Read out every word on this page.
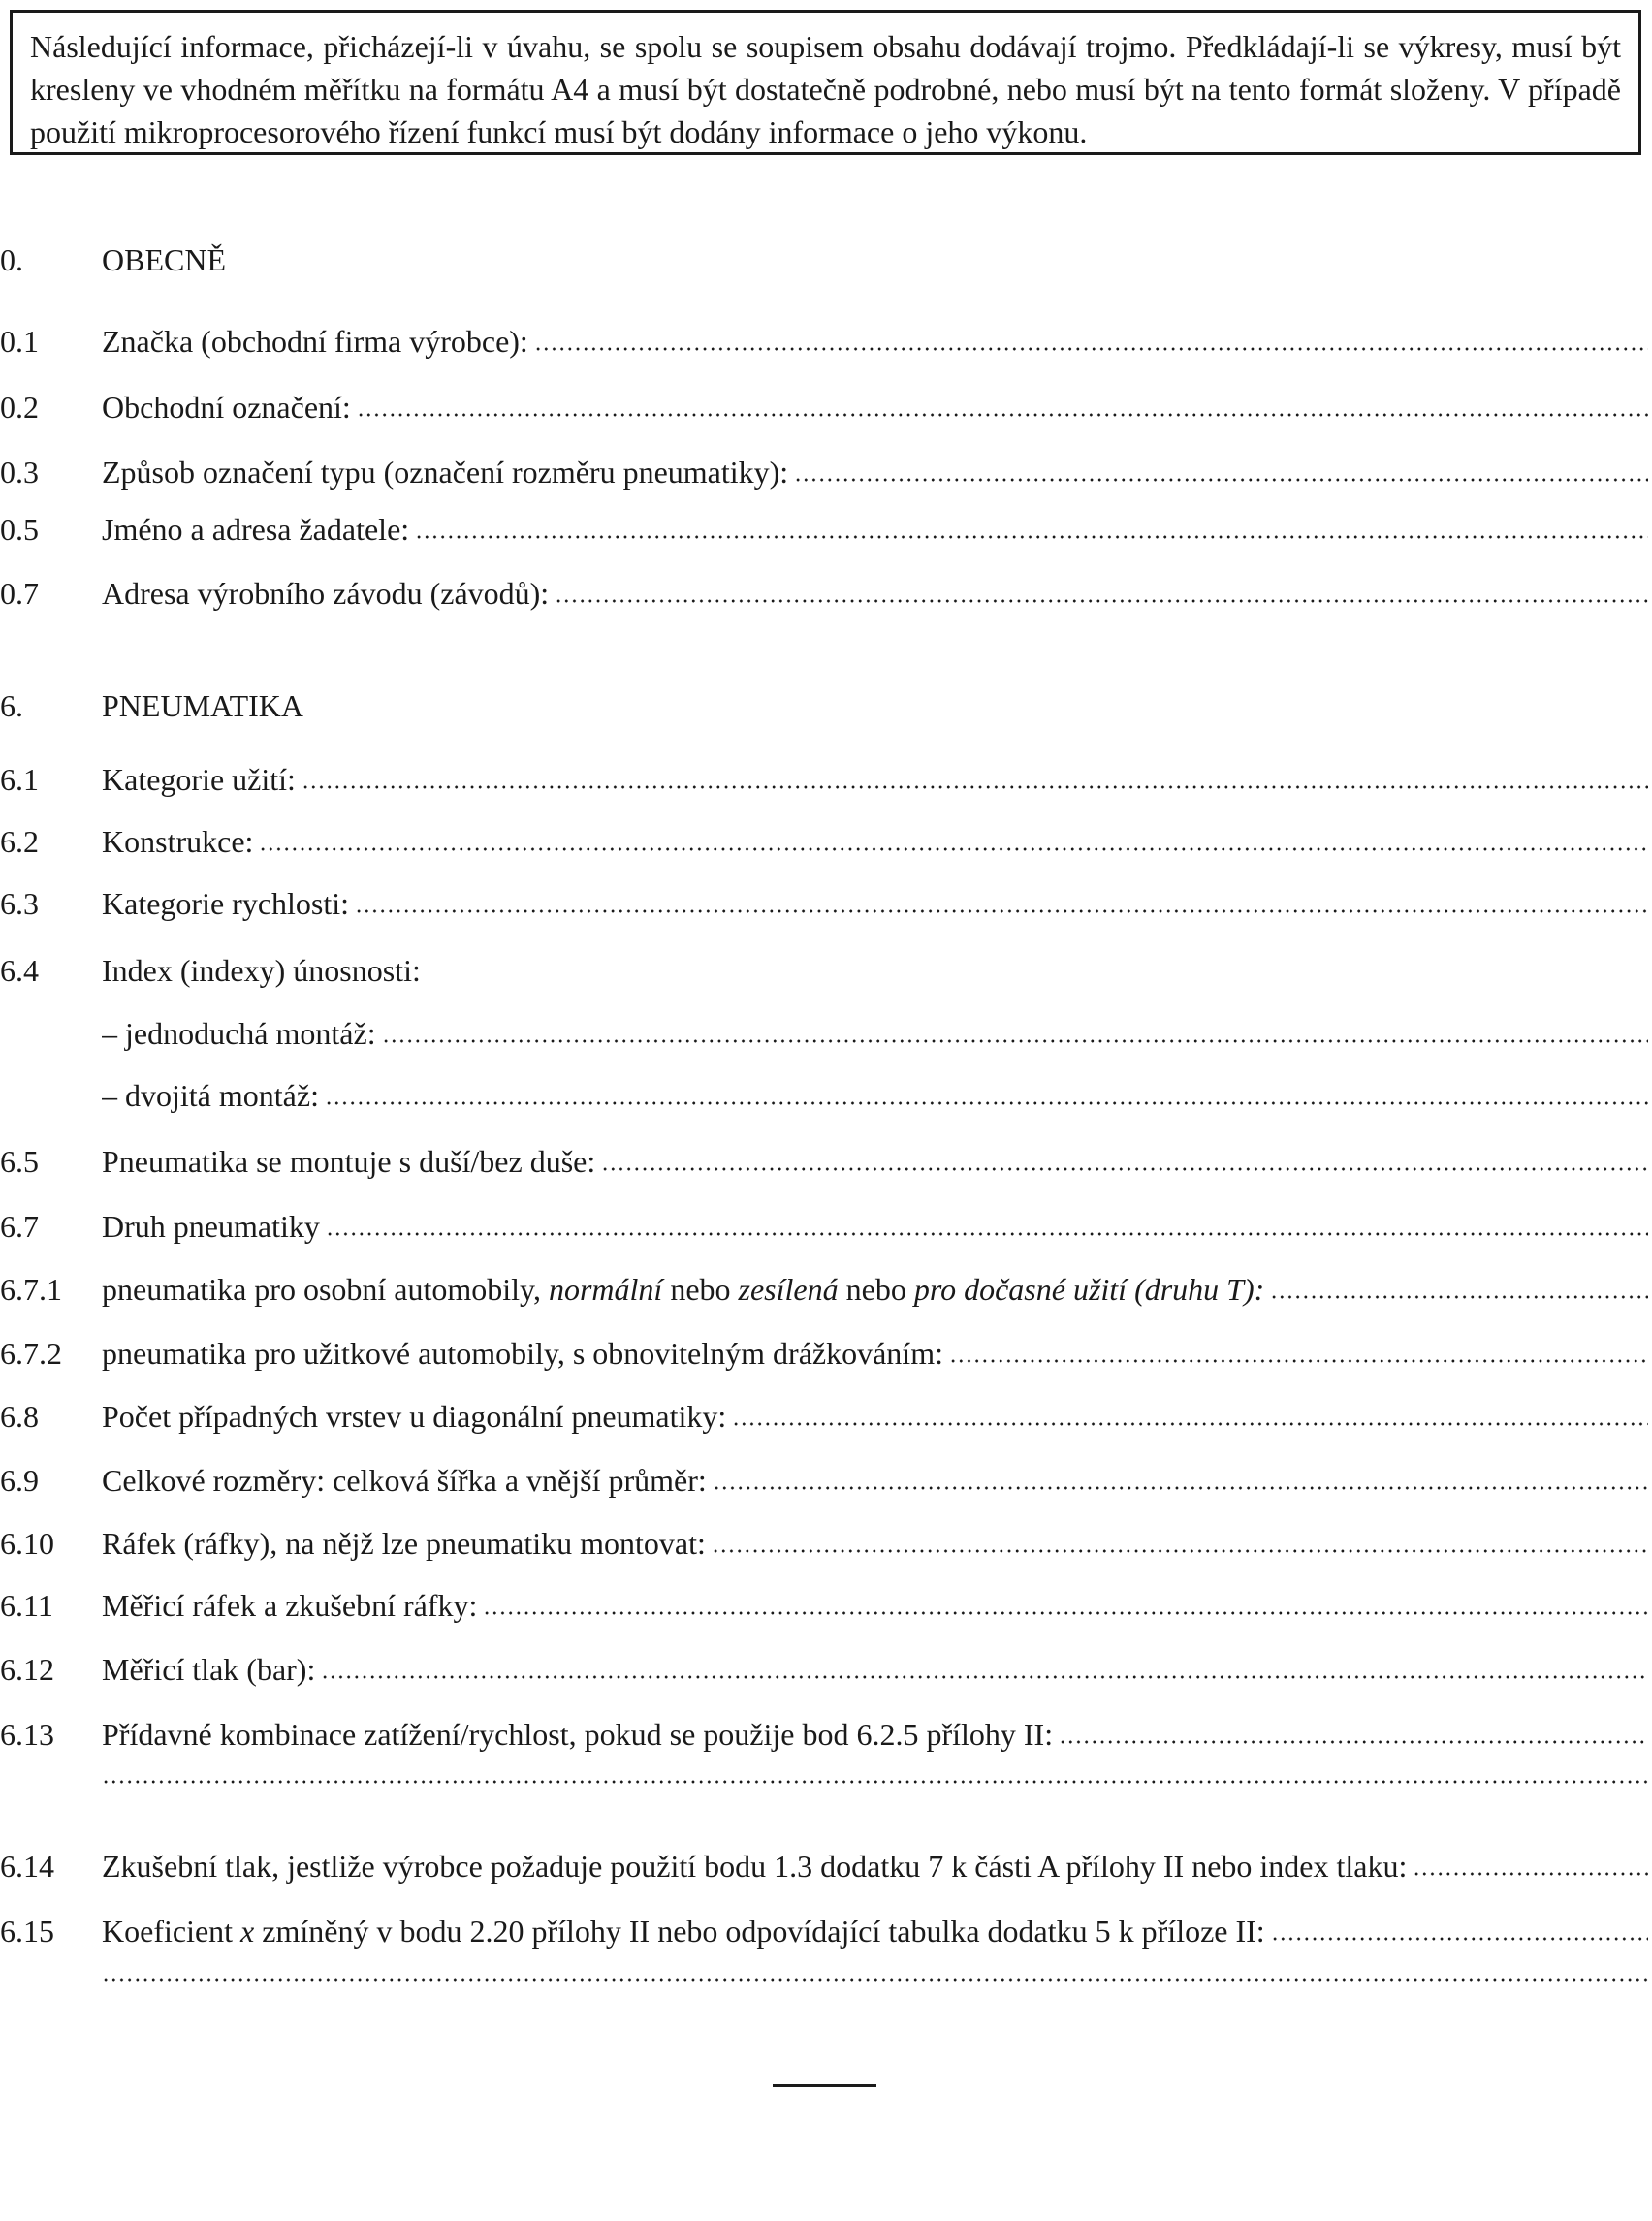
Následující informace, přicházejí-li v úvahu, se spolu se soupisem obsahu dodávají trojmo. Předkládají-li se výkresy, musí být kresleny ve vhodném měřítku na formátu A4 a musí být dostatečně podrobné, nebo musí být na tento formát složeny. V případě použití mikroprocesorového řízení funkcí musí být dodány informace o jeho výkonu.
0.	OBECNĚ
0.1 Značka (obchodní firma výrobce):
0.2 Obchodní označení:
0.3 Způsob označení typu (označení rozměru pneumatiky):
0.5 Jméno a adresa žadatele:
0.7 Adresa výrobního závodu (závodů):
6.	PNEUMATIKA
6.1 Kategorie užití:
6.2 Konstrukce:
6.3 Kategorie rychlosti:
6.4 Index (indexy) únosnosti:
– jednoduchá montáž:
– dvojitá montáž:
6.5 Pneumatika se montuje s duší/bez duše:
6.7 Druh pneumatiky
6.7.1 pneumatika pro osobní automobily, normální nebo zesílená nebo pro dočasné užití (druhu T):
6.7.2 pneumatika pro užitkové automobily, s obnovitelným drážkováním:
6.8 Počet případných vrstev u diagonální pneumatiky:
6.9 Celkové rozměry: celková šířka a vnější průměr:
6.10 Ráfek (ráfky), na nějž lze pneumatiku montovat:
6.11 Měřicí ráfek a zkušební ráfky:
6.12 Měřicí tlak (bar):
6.13 Přídavné kombinace zatížení/rychlost, pokud se použije bod 6.2.5 přílohy II:
6.14 Zkušební tlak, jestliže výrobce požaduje použití bodu 1.3 dodatku 7 k části A přílohy II nebo index tlaku:
6.15 Koeficient x zmíněný v bodu 2.20 přílohy II nebo odpovídající tabulka dodatku 5 k příloze II:
